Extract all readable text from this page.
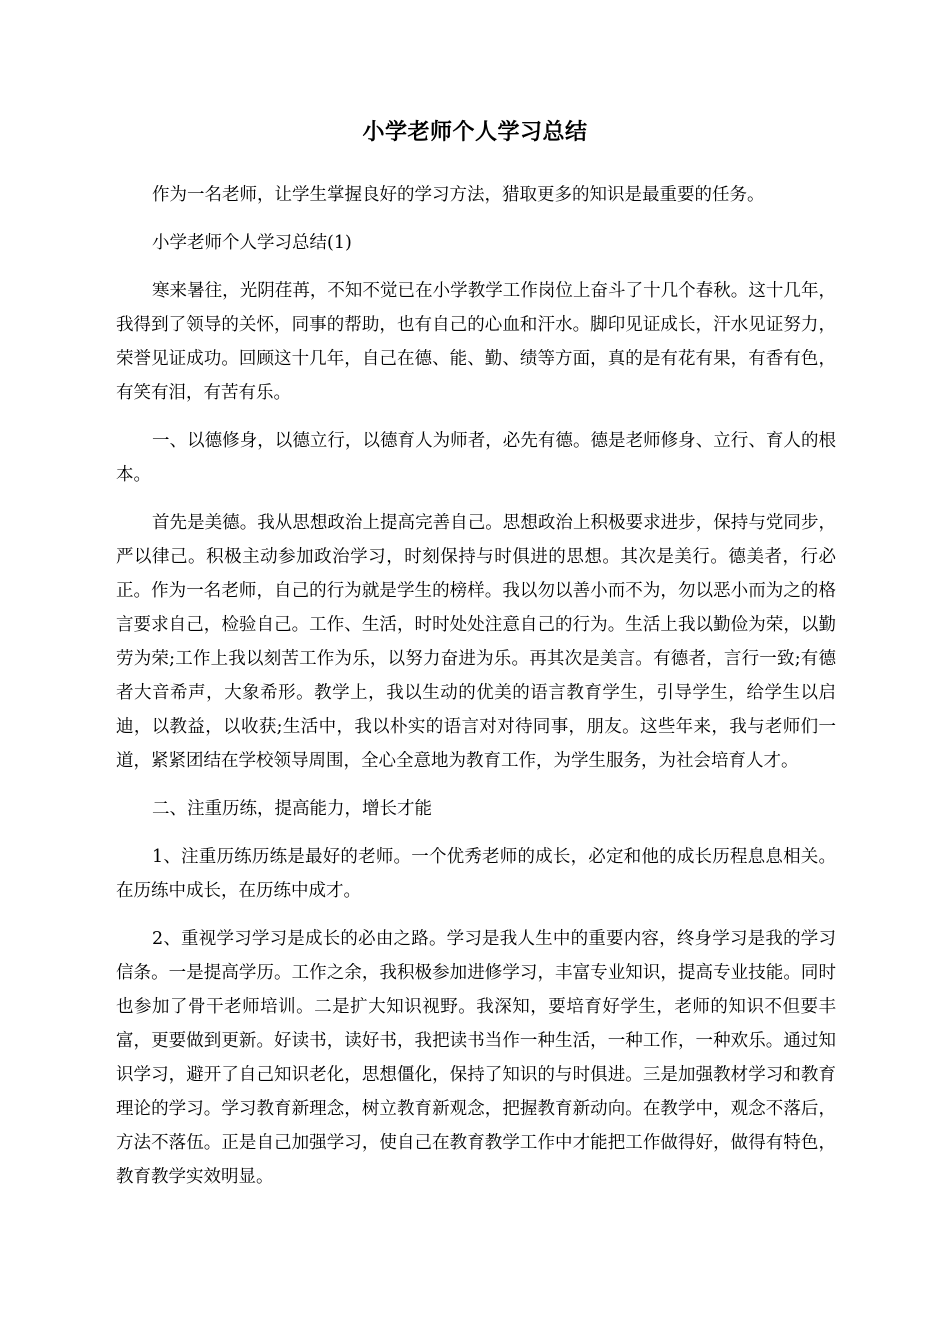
小学老师个人学习总结

作为一名老师，让学生掌握良好的学习方法，猎取更多的知识是最重要的任务。

小学老师个人学习总结(1)

寒来暑往，光阴荏苒，不知不觉已在小学教学工作岗位上奋斗了十几个春秋。这十几年，我得到了领导的关怀，同事的帮助，也有自己的心血和汗水。脚印见证成长，汗水见证努力，荣誉见证成功。回顾这十几年，自己在德、能、勤、绩等方面，真的是有花有果，有香有色，有笑有泪，有苦有乐。

一、以德修身，以德立行，以德育人为师者，必先有德。德是老师修身、立行、育人的根本。

首先是美德。我从思想政治上提高完善自己。思想政治上积极要求进步，保持与党同步，严以律己。积极主动参加政治学习，时刻保持与时俱进的思想。其次是美行。德美者，行必正。作为一名老师，自己的行为就是学生的榜样。我以勿以善小而不为，勿以恶小而为之的格言要求自己，检验自己。工作、生活，时时处处注意自己的行为。生活上我以勤俭为荣，以勤劳为荣;工作上我以刻苦工作为乐，以努力奋进为乐。再其次是美言。有德者，言行一致;有德者大音希声，大象希形。教学上，我以生动的优美的语言教育学生，引导学生，给学生以启迪，以教益，以收获;生活中，我以朴实的语言对对待同事，朋友。这些年来，我与老师们一道，紧紧团结在学校领导周围，全心全意地为教育工作，为学生服务，为社会培育人才。

二、注重历练，提高能力，增长才能

1、注重历练历练是最好的老师。一个优秀老师的成长，必定和他的成长历程息息相关。在历练中成长，在历练中成才。

2、重视学习学习是成长的必由之路。学习是我人生中的重要内容，终身学习是我的学习信条。一是提高学历。工作之余，我积极参加进修学习，丰富专业知识，提高专业技能。同时也参加了骨干老师培训。二是扩大知识视野。我深知，要培育好学生，老师的知识不但要丰富，更要做到更新。好读书，读好书，我把读书当作一种生活，一种工作，一种欢乐。通过知识学习，避开了自己知识老化，思想僵化，保持了知识的与时俱进。三是加强教材学习和教育理论的学习。学习教育新理念，树立教育新观念，把握教育新动向。在教学中，观念不落后，方法不落伍。正是自己加强学习，使自己在教育教学工作中才能把工作做得好，做得有特色，教育教学实效明显。
